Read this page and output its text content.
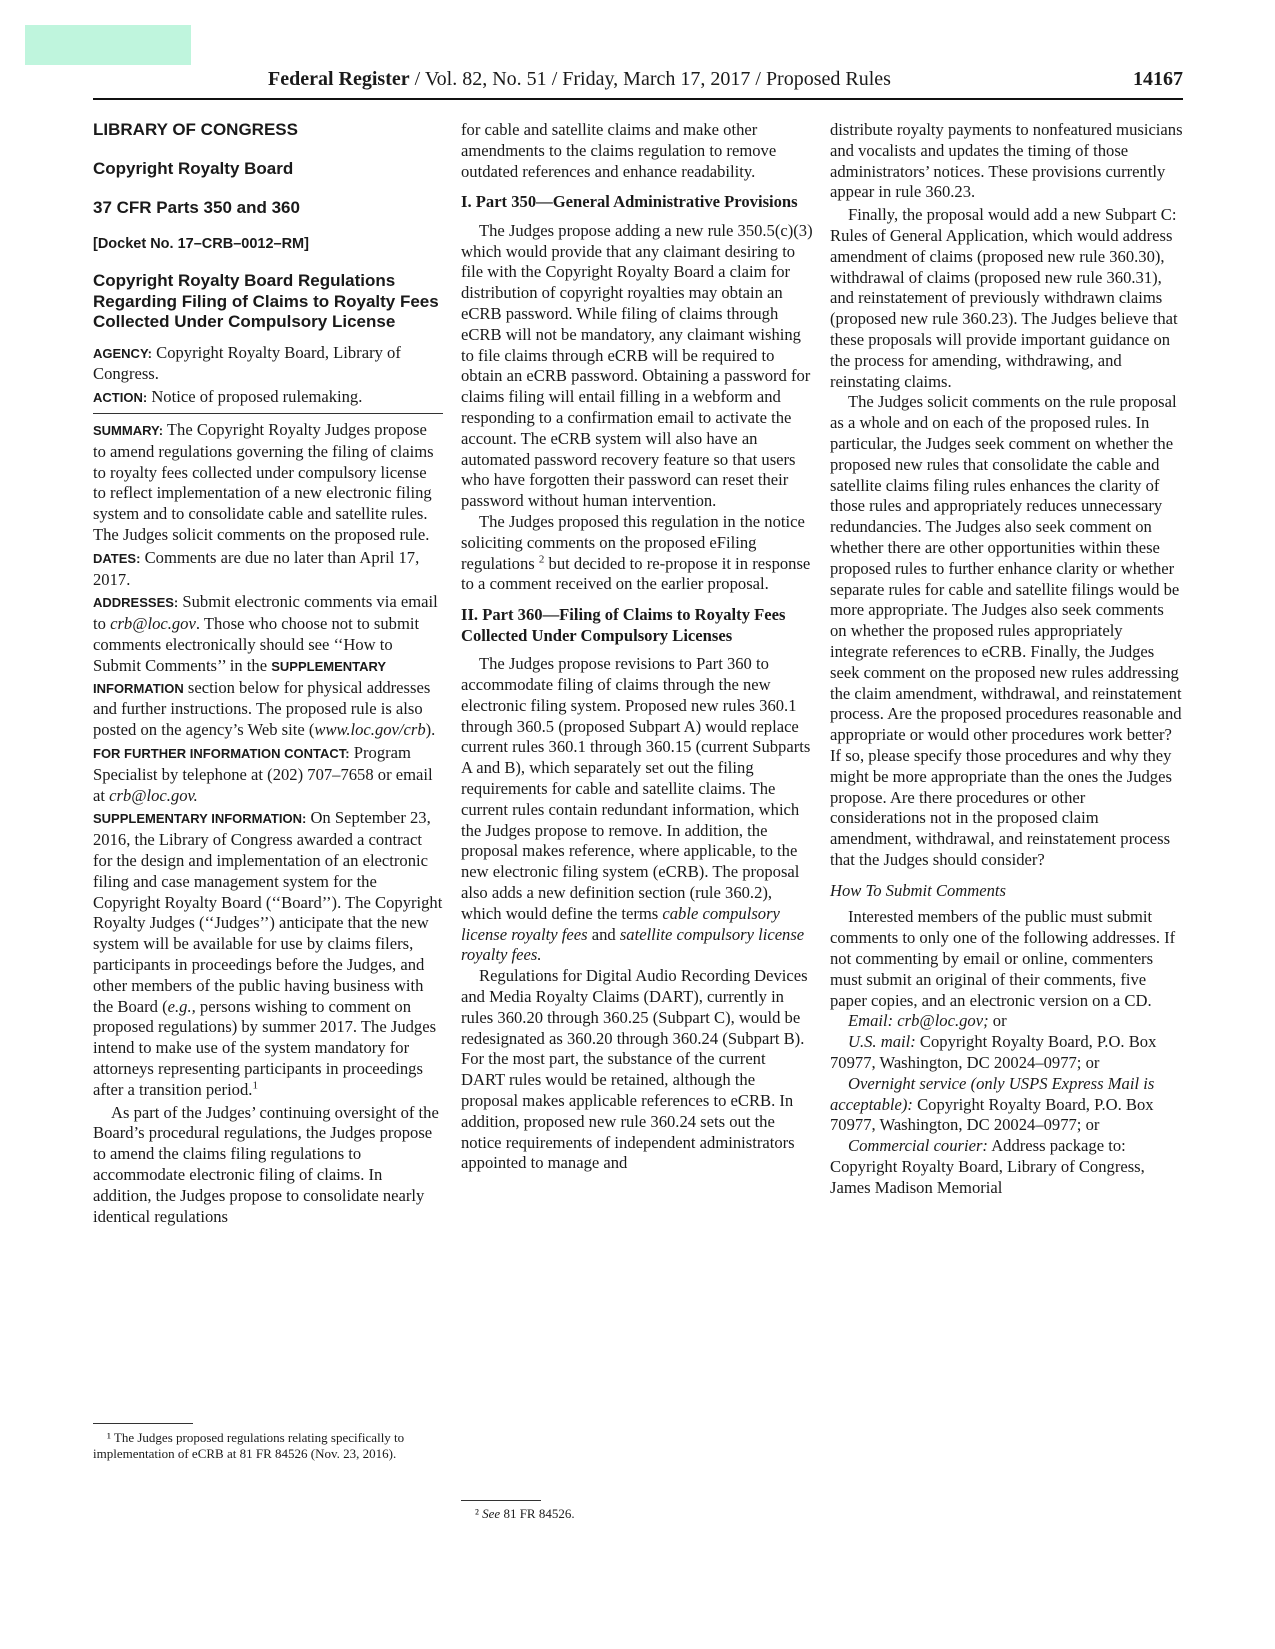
Federal Register / Vol. 82, No. 51 / Friday, March 17, 2017 / Proposed Rules	14167
LIBRARY OF CONGRESS
Copyright Royalty Board
37 CFR Parts 350 and 360
[Docket No. 17–CRB–0012–RM]
Copyright Royalty Board Regulations Regarding Filing of Claims to Royalty Fees Collected Under Compulsory License

AGENCY: Copyright Royalty Board, Library of Congress.

ACTION: Notice of proposed rulemaking.

SUMMARY: The Copyright Royalty Judges propose to amend regulations governing the filing of claims to royalty fees collected under compulsory license to reflect implementation of a new electronic filing system and to consolidate cable and satellite rules. The Judges solicit comments on the proposed rule.

DATES: Comments are due no later than April 17, 2017.

ADDRESSES: Submit electronic comments via email to crb@loc.gov. Those who choose not to submit comments electronically should see ‘‘How to Submit Comments’’ in the SUPPLEMENTARY INFORMATION section below for physical addresses and further instructions. The proposed rule is also posted on the agency’s Web site (www.loc.gov/crb).

FOR FURTHER INFORMATION CONTACT: Program Specialist by telephone at (202) 707–7658 or email at crb@loc.gov.

SUPPLEMENTARY INFORMATION: On September 23, 2016, the Library of Congress awarded a contract for the design and implementation of an electronic filing and case management system for the Copyright Royalty Board (‘‘Board’’). The Copyright Royalty Judges (‘‘Judges’’) anticipate that the new system will be available for use by claims filers, participants in proceedings before the Judges, and other members of the public having business with the Board (e.g., persons wishing to comment on proposed regulations) by summer 2017. The Judges intend to make use of the system mandatory for attorneys representing participants in proceedings after a transition period.$^1$

As part of the Judges’ continuing oversight of the Board’s procedural regulations, the Judges propose to amend the claims filing regulations to accommodate electronic filing of claims. In addition, the Judges propose to consolidate nearly identical regulations

¹ The Judges proposed regulations relating specifically to implementation of eCRB at 81 FR 84526 (Nov. 23, 2016).

for cable and satellite claims and make other amendments to the claims regulation to remove outdated references and enhance readability.

I. Part 350—General Administrative Provisions

The Judges propose adding a new rule 350.5(c)(3) which would provide that any claimant desiring to file with the Copyright Royalty Board a claim for distribution of copyright royalties may obtain an eCRB password. While filing of claims through eCRB will not be mandatory, any claimant wishing to file claims through eCRB will be required to obtain an eCRB password. Obtaining a password for claims filing will entail filling in a webform and responding to a confirmation email to activate the account. The eCRB system will also have an automated password recovery feature so that users who have forgotten their password can reset their password without human intervention.

The Judges proposed this regulation in the notice soliciting comments on the proposed eFiling regulations $^2$ but decided to re-propose it in response to a comment received on the earlier proposal.

II. Part 360—Filing of Claims to Royalty Fees Collected Under Compulsory Licenses

The Judges propose revisions to Part 360 to accommodate filing of claims through the new electronic filing system. Proposed new rules 360.1 through 360.5 (proposed Subpart A) would replace current rules 360.1 through 360.15 (current Subparts A and B), which separately set out the filing requirements for cable and satellite claims. The current rules contain redundant information, which the Judges propose to remove. In addition, the proposal makes reference, where applicable, to the new electronic filing system (eCRB). The proposal also adds a new definition section (rule 360.2), which would define the terms cable compulsory license royalty fees and satellite compulsory license royalty fees.

Regulations for Digital Audio Recording Devices and Media Royalty Claims (DART), currently in rules 360.20 through 360.25 (Subpart C), would be redesignated as 360.20 through 360.24 (Subpart B). For the most part, the substance of the current DART rules would be retained, although the proposal makes applicable references to eCRB. In addition, proposed new rule 360.24 sets out the notice requirements of independent administrators appointed to manage and

² See 81 FR 84526.

distribute royalty payments to nonfeatured musicians and vocalists and updates the timing of those administrators’ notices. These provisions currently appear in rule 360.23.

Finally, the proposal would add a new Subpart C: Rules of General Application, which would address amendment of claims (proposed new rule 360.30), withdrawal of claims (proposed new rule 360.31), and reinstatement of previously withdrawn claims (proposed new rule 360.23). The Judges believe that these proposals will provide important guidance on the process for amending, withdrawing, and reinstating claims.

The Judges solicit comments on the rule proposal as a whole and on each of the proposed rules. In particular, the Judges seek comment on whether the proposed new rules that consolidate the cable and satellite claims filing rules enhances the clarity of those rules and appropriately reduces unnecessary redundancies. The Judges also seek comment on whether there are other opportunities within these proposed rules to further enhance clarity or whether separate rules for cable and satellite filings would be more appropriate. The Judges also seek comments on whether the proposed rules appropriately integrate references to eCRB. Finally, the Judges seek comment on the proposed new rules addressing the claim amendment, withdrawal, and reinstatement process. Are the proposed procedures reasonable and appropriate or would other procedures work better? If so, please specify those procedures and why they might be more appropriate than the ones the Judges propose. Are there procedures or other considerations not in the proposed claim amendment, withdrawal, and reinstatement process that the Judges should consider?

How To Submit Comments

Interested members of the public must submit comments to only one of the following addresses. If not commenting by email or online, commenters must submit an original of their comments, five paper copies, and an electronic version on a CD.

Email: crb@loc.gov; or

U.S. mail: Copyright Royalty Board, P.O. Box 70977, Washington, DC 20024–0977; or

Overnight service (only USPS Express Mail is acceptable): Copyright Royalty Board, P.O. Box 70977, Washington, DC 20024–0977; or

Commercial courier: Address package to: Copyright Royalty Board, Library of Congress, James Madison Memorial
